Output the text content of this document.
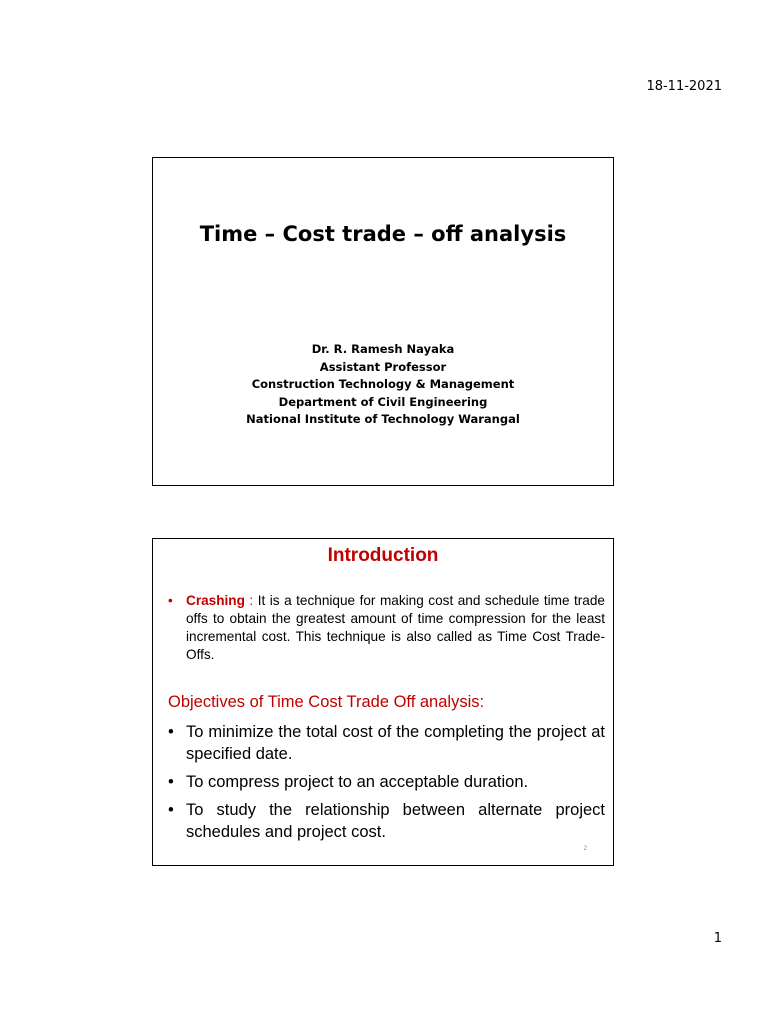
18-11-2021
Time – Cost trade – off analysis
Dr. R. Ramesh Nayaka
Assistant Professor
Construction Technology & Management
Department of Civil Engineering
National Institute of Technology Warangal
Introduction
• Crashing : It is a technique for making cost and schedule time trade offs to obtain the greatest amount of time compression for the least incremental cost. This technique is also called as Time Cost Trade-Offs.
Objectives of Time Cost Trade Off analysis:
• To minimize the total cost of the completing the project at specified date.
• To compress project to an acceptable duration.
• To study the relationship between alternate project schedules and project cost.
2
1
